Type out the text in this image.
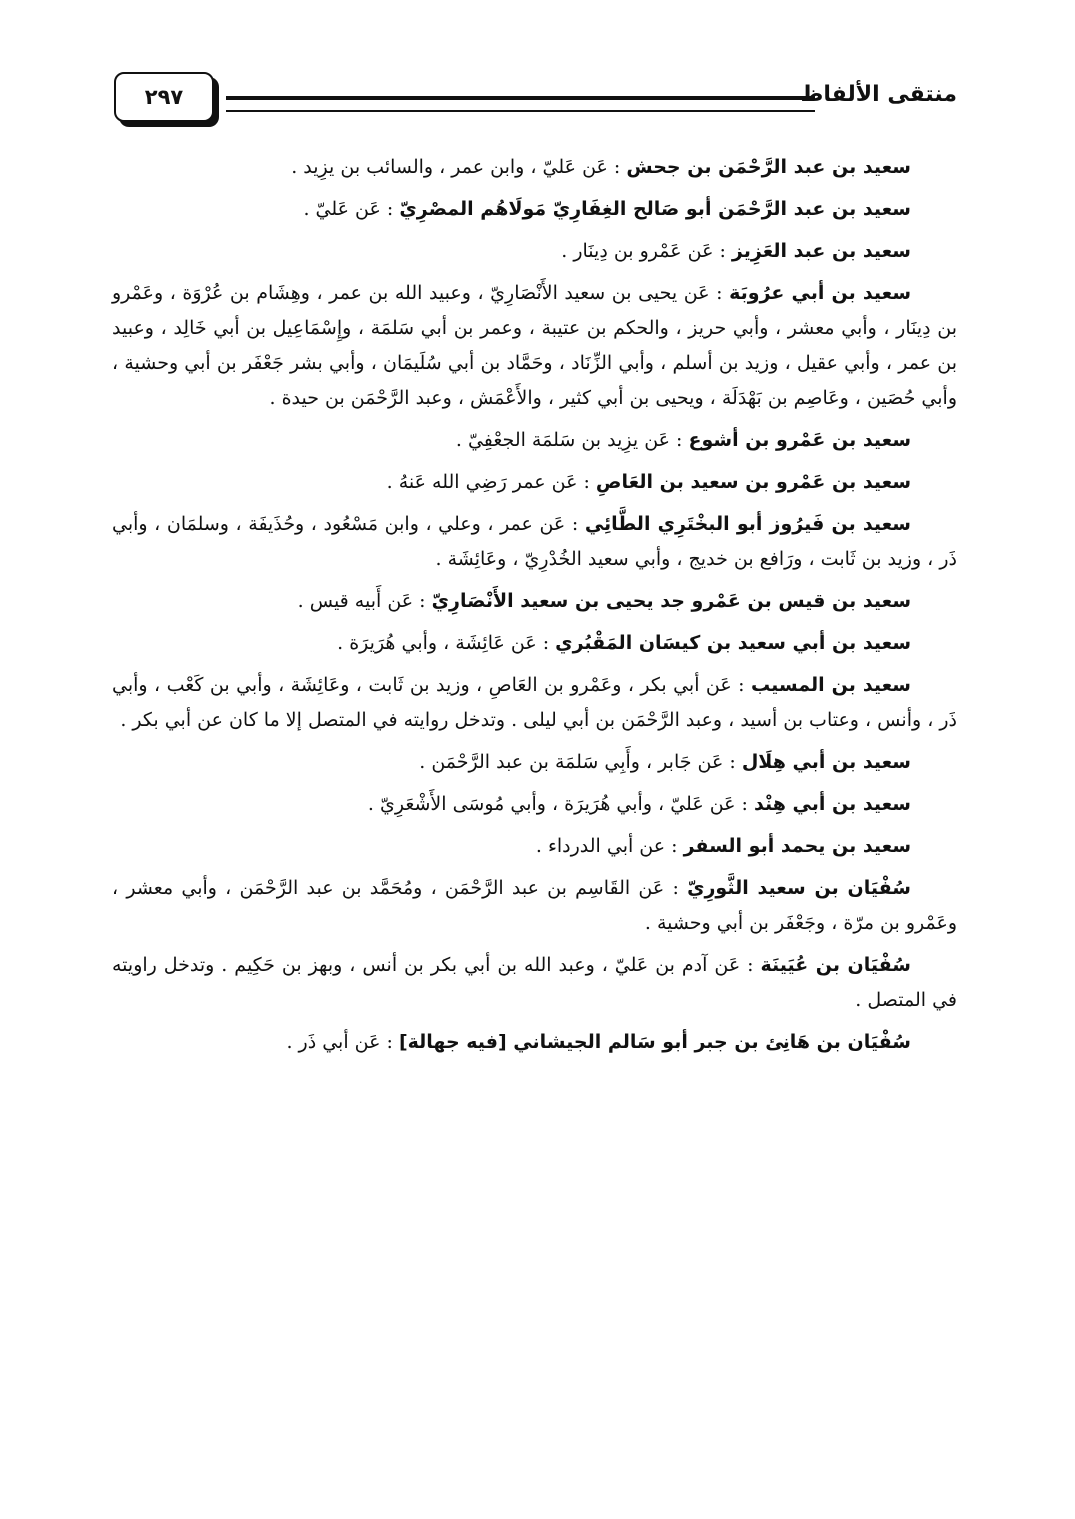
٢٩٧	منتقى الألفاظ

سعيد بن عبد الرَّحْمَن بن جحش : عَن عَليّ ، وابن عمر ، والسائب بن يزِيد .

سعيد بن عبد الرَّحْمَن أبو صَالح الغِفَارِيّ مَولَاهُم المصْرِيّ : عَن عَليّ .

سعيد بن عبد العَزِيز : عَن عَمْرو بن دِينَار .

سعيد بن أبي عرُوبَة : عَن يحيى بن سعيد الأَنْصَارِيّ ، وعبيد الله بن عمر ، وهِشَام بن عُرْوَة ، وعَمْرو بن دِينَار ، وأبي معشر ، وأبي حريز ، والحكم بن عتيبة ، وعمر بن أبي سَلمَة ، وإِسْمَاعِيل بن أبي خَالِد ، وعبيد بن عمر ، وأبي عقيل ، وزيد بن أسلم ، وأبي الزِّنَاد ، وحَمَّاد بن أبي سُلَيمَان ، وأبي بشر جَعْفَر بن أبي وحشية ، وأبي حُصَين ، وعَاصِم بن بَهْدَلَة ، ويحيى بن أبي كثير ، والأَعْمَش ، وعبد الرَّحْمَن بن حيدة .

سعيد بن عَمْرو بن أشوع : عَن يزِيد بن سَلمَة الجعْفِيّ .

سعيد بن عَمْرو بن سعيد بن العَاصِ : عَن عمر رَضِي الله عَنهُ .

سعيد بن فَيرُوز أبو البخْتَرِي الطَّائِي : عَن عمر ، وعلي ، وابن مَسْعُود ، وحُذَيفَة ، وسلمَان ، وأبي ذَر ، وزيد بن ثَابت ، ورَافع بن خديج ، وأبي سعيد الخُدْرِيّ ، وعَائِشَة .

سعيد بن قيس بن عَمْرو جد يحيى بن سعيد الأَنْصَارِيّ : عَن أَبيه قيس .

سعيد بن أبي سعيد بن كيسَان المَقْبُري : عَن عَائِشَة ، وأبي هُرَيرَة .

سعيد بن المسيب : عَن أبي بكر ، وعَمْرو بن العَاصِ ، وزيد بن ثَابت ، وعَائِشَة ، وأبي بن كَعْب ، وأبي ذَر ، وأنس ، وعتاب بن أسيد ، وعبد الرَّحْمَن بن أبي ليلى . وتدخل روايته في المتصل إلا ما كان عن أبي بكر .

سعيد بن أبي هِلَال : عَن جَابر ، وأَبِي سَلمَة بن عبد الرَّحْمَن .

سعيد بن أبي هِنْد : عَن عَليّ ، وأبي هُرَيرَة ، وأبي مُوسَى الأَشْعَرِيّ .

سعيد بن يحمد أبو السفر : عن أبي الدرداء .

سُفْيَان بن سعيد الثَّورِيّ : عَن القَاسِم بن عبد الرَّحْمَن ، ومُحَمَّد بن عبد الرَّحْمَن ، وأبي معشر ، وعَمْرو بن مرّة ، وجَعْفَر بن أبي وحشية .

سُفْيَان بن عُيَينَة : عَن آدم بن عَليّ ، وعبد الله بن أبي بكر بن أنس ، وبهز بن حَكِيم . وتدخل راويته في المتصل .

سُفْيَان بن هَانِئ بن جبر أبو سَالم الجيشاني [فيه جهالة] : عَن أبي ذَر .
